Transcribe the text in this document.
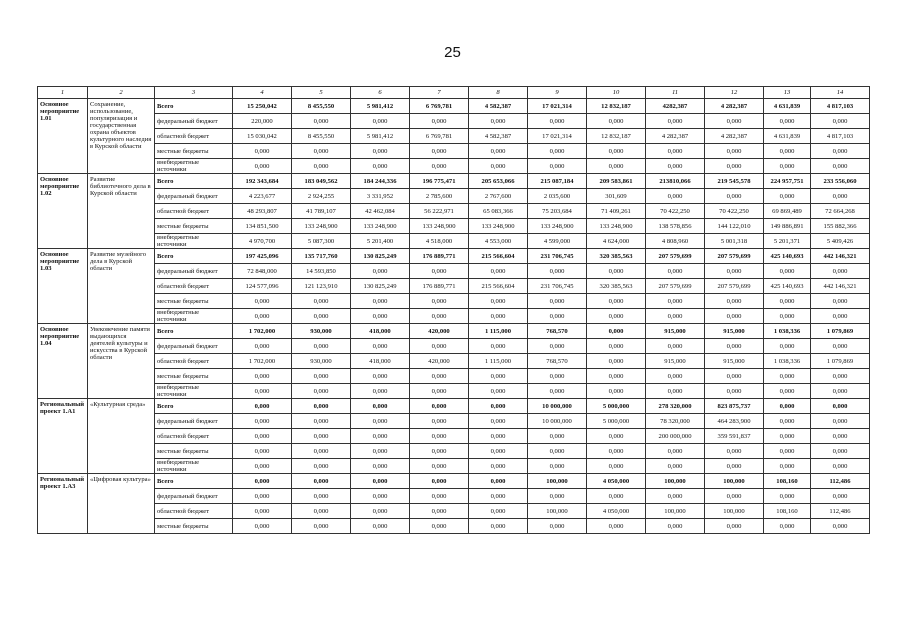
25
1	2	3	4	5	6	7	8	9	10	11	12	13	14
Основное мероприятие 1.01	Сохранение, использование, популяризация и государственная охрана объектов культурного наследия в Курской области	Всего	15 250,042	8 455,550	5 981,412	6 769,781	4 582,387	17 021,314	12 832,187	4282,387	4 282,387	4 631,839	4 817,103
		федеральный бюджет	220,000	0,000	0,000	0,000	0,000	0,000	0,000	0,000	0,000	0,000	0,000
		областной бюджет	15 030,042	8 455,550	5 981,412	6 769,781	4 582,387	17 021,314	12 832,187	4 282,387	4 282,387	4 631,839	4 817,103
		местные бюджеты	0,000	0,000	0,000	0,000	0,000	0,000	0,000	0,000	0,000	0,000	0,000
		внебюджетные источники	0,000	0,000	0,000	0,000	0,000	0,000	0,000	0,000	0,000	0,000	0,000
Основное мероприятие 1.02	Развитие библиотечного дела в Курской области	Всего	192 343,684	183 049,562	184 244,336	196 775,471	205 653,066	215 087,184	209 583,861	213810,066	219 545,578	224 957,751	233 556,060
		федеральный бюджет	4 223,677	2 924,255	3 331,952	2 785,600	2 767,600	2 035,600	301,609	0,000	0,000	0,000	0,000
		областной бюджет	48 293,807	41 789,107	42 462,084	56 222,971	65 083,366	75 203,684	71 409,261	70 422,250	70 422,250	69 869,489	72 664,268
		местные бюджеты	134 851,500	133 248,900	133 248,900	133 248,900	133 248,900	133 248,900	133 248,900	138 578,856	144 122,010	149 886,891	155 882,366
		внебюджетные источники	4 970,700	5 087,300	5 201,400	4 518,000	4 553,000	4 599,000	4 624,000	4 808,960	5 001,318	5 201,371	5 409,426
Основное мероприятие 1.03	Развитие музейного дела в Курской области	Всего	197 425,096	135 717,760	130 825,249	176 889,771	215 566,604	231 706,745	320 385,563	207 579,699	207 579,699	425 140,693	442 146,321
		федеральный бюджет	72 848,000	14 593,850	0,000	0,000	0,000	0,000	0,000	0,000	0,000	0,000	0,000
		областной бюджет	124 577,096	121 123,910	130 825,249	176 889,771	215 566,604	231 706,745	320 385,563	207 579,699	207 579,699	425 140,693	442 146,321
		местные бюджеты	0,000	0,000	0,000	0,000	0,000	0,000	0,000	0,000	0,000	0,000	0,000
		внебюджетные источники	0,000	0,000	0,000	0,000	0,000	0,000	0,000	0,000	0,000	0,000	0,000
Основное мероприятие 1.04	Увековечение памяти выдающихся деятелей культуры и искусства в Курской области	Всего	1 702,000	930,000	418,000	420,000	1 115,000	768,570	0,000	915,000	915,000	1 038,336	1 079,869
		федеральный бюджет	0,000	0,000	0,000	0,000	0,000	0,000	0,000	0,000	0,000	0,000	0,000
		областной бюджет	1 702,000	930,000	418,000	420,000	1 115,000	768,570	0,000	915,000	915,000	1 038,336	1 079,869
		местные бюджеты	0,000	0,000	0,000	0,000	0,000	0,000	0,000	0,000	0,000	0,000	0,000
		внебюджетные источники	0,000	0,000	0,000	0,000	0,000	0,000	0,000	0,000	0,000	0,000	0,000
Региональный проект 1.А1	«Культурная среда»	Всего	0,000	0,000	0,000	0,000	0,000	10 000,000	5 000,000	278 320,000	823 875,737	0,000	0,000
		федеральный бюджет	0,000	0,000	0,000	0,000	0,000	10 000,000	5 000,000	78 320,000	464 283,900	0,000	0,000
		областной бюджет	0,000	0,000	0,000	0,000	0,000	0,000	0,000	200 000,000	359 591,837	0,000	0,000
		местные бюджеты	0,000	0,000	0,000	0,000	0,000	0,000	0,000	0,000	0,000	0,000	0,000
		внебюджетные источники	0,000	0,000	0,000	0,000	0,000	0,000	0,000	0,000	0,000	0,000	0,000
Региональный проект 1.А3	«Цифровая культура»	Всего	0,000	0,000	0,000	0,000	0,000	100,000	4 050,000	100,000	100,000	108,160	112,486
		федеральный бюджет	0,000	0,000	0,000	0,000	0,000	0,000	0,000	0,000	0,000	0,000	0,000
		областной бюджет	0,000	0,000	0,000	0,000	0,000	100,000	4 050,000	100,000	100,000	108,160	112,486
		местные бюджеты	0,000	0,000	0,000	0,000	0,000	0,000	0,000	0,000	0,000	0,000	0,000
